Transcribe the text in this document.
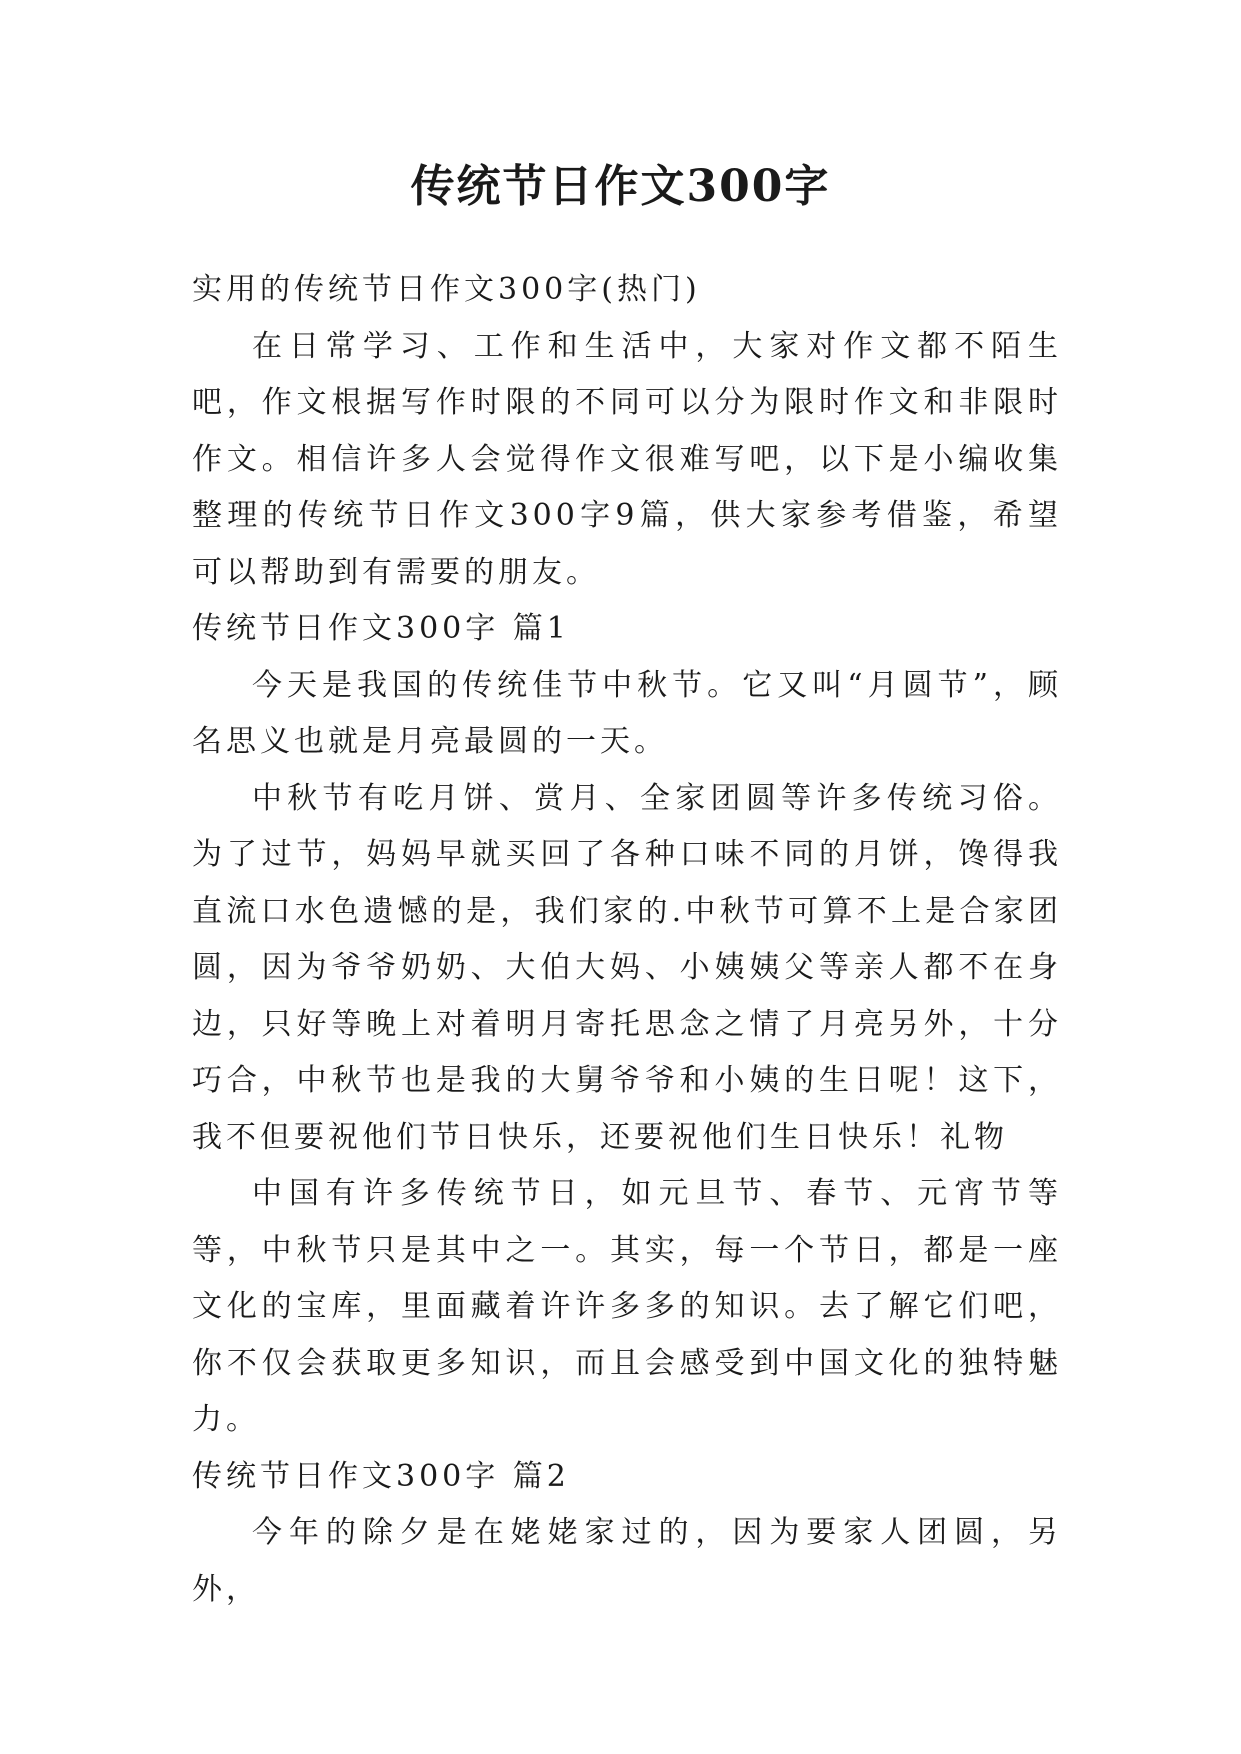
传统节日作文300字

实用的传统节日作文300字(热门)

在日常学习、工作和生活中，大家对作文都不陌生吧，作文根据写作时限的不同可以分为限时作文和非限时作文。相信许多人会觉得作文很难写吧，以下是小编收集整理的传统节日作文300字9篇，供大家参考借鉴，希望可以帮助到有需要的朋友。

传统节日作文300字 篇1

今天是我国的传统佳节中秋节。它又叫“月圆节”，顾名思义也就是月亮最圆的一天。

中秋节有吃月饼、赏月、全家团圆等许多传统习俗。为了过节，妈妈早就买回了各种口味不同的月饼，馋得我直流口水色遗憾的是，我们家的.中秋节可算不上是合家团圆，因为爷爷奶奶、大伯大妈、小姨姨父等亲人都不在身边，只好等晚上对着明月寄托思念之情了月亮另外，十分巧合，中秋节也是我的大舅爷爷和小姨的生日呢！这下，我不但要祝他们节日快乐，还要祝他们生日快乐！礼物

中国有许多传统节日，如元旦节、春节、元宵节等等，中秋节只是其中之一。其实，每一个节日，都是一座文化的宝库，里面藏着许许多多的知识。去了解它们吧，你不仅会获取更多知识，而且会感受到中国文化的独特魅力。

传统节日作文300字 篇2

今年的除夕是在姥姥家过的，因为要家人团圆，另外，
